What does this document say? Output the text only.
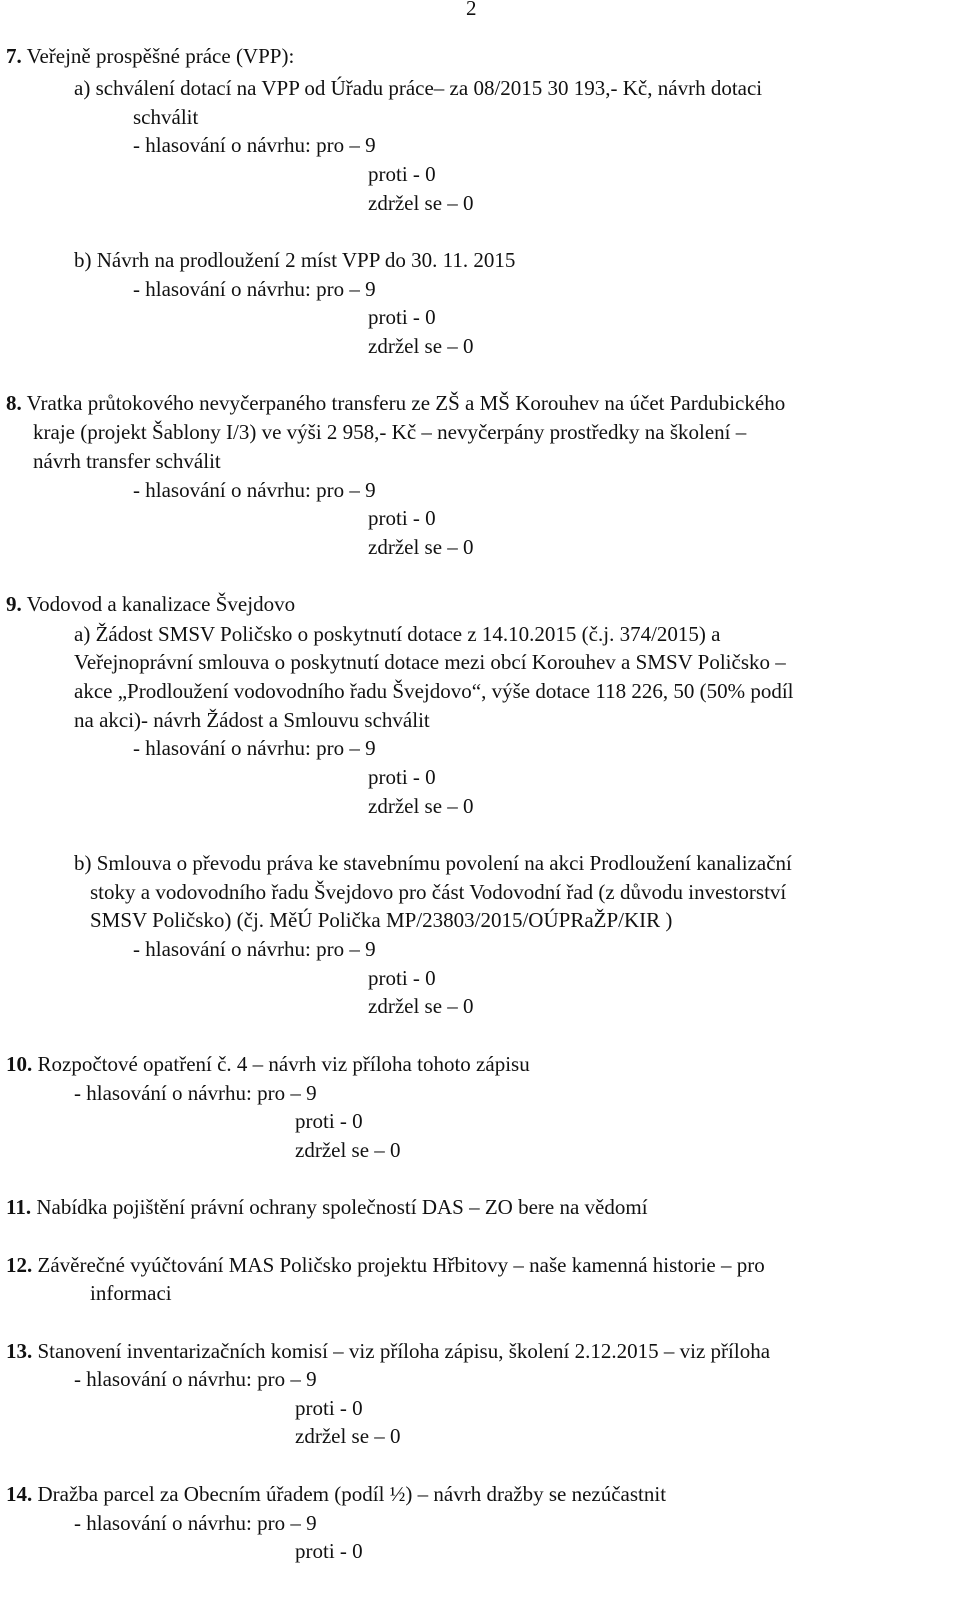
2
7. Veřejně prospěšné práce (VPP):
a) schválení dotací na VPP od Úřadu práce– za 08/2015 30 193,- Kč, návrh dotaci
schválit
- hlasování o návrhu: pro – 9
proti - 0
zdržel se – 0
b) Návrh na prodloužení 2 míst VPP do 30. 11. 2015
- hlasování o návrhu: pro – 9
proti - 0
zdržel se – 0
8. Vratka průtokového nevyčerpaného transferu ze ZŠ a MŠ Korouhev na účet Pardubického
kraje (projekt Šablony I/3) ve výši 2 958,- Kč – nevyčerpány prostředky na školení –
návrh transfer schválit
- hlasování o návrhu: pro – 9
proti - 0
zdržel se – 0
9. Vodovod a kanalizace Švejdovo
a) Žádost SMSV Poličsko o poskytnutí dotace z 14.10.2015 (č.j. 374/2015) a
Veřejnoprávní smlouva o poskytnutí dotace mezi obcí Korouhev a SMSV Poličsko –
akce „Prodloužení vodovodního řadu Švejdovo“, výše dotace 118 226, 50 (50% podíl
na akci)- návrh Žádost a Smlouvu schválit
- hlasování o návrhu: pro – 9
proti - 0
zdržel se – 0
b) Smlouva o převodu práva ke stavebnímu povolení na akci Prodloužení kanalizační
stoky a vodovodního řadu Švejdovo pro část Vodovodní řad (z důvodu investorství
SMSV Poličsko) (čj. MěÚ Polička MP/23803/2015/OÚPRaŽP/KIR )
- hlasování o návrhu: pro – 9
proti - 0
zdržel se – 0
10. Rozpočtové opatření č. 4 – návrh viz příloha tohoto zápisu
- hlasování o návrhu: pro – 9
proti - 0
zdržel se – 0
11. Nabídka pojištění právní ochrany společností DAS – ZO bere na vědomí
12. Závěrečné vyúčtování MAS Poličsko projektu Hřbitovy – naše kamenná historie – pro
informaci
13. Stanovení inventarizačních komisí – viz příloha zápisu, školení 2.12.2015 – viz příloha
- hlasování o návrhu: pro – 9
proti - 0
zdržel se – 0
14. Dražba parcel za Obecním úřadem (podíl ½) – návrh dražby se nezúčastnit
- hlasování o návrhu: pro – 9
proti - 0
